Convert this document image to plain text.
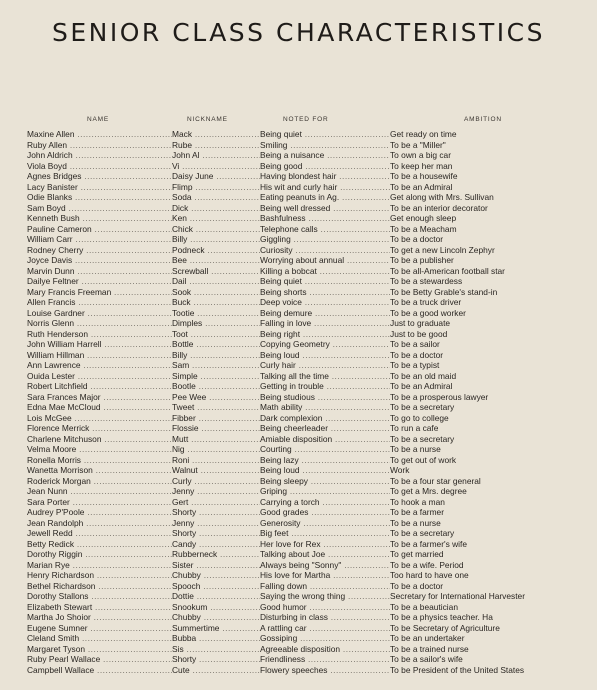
SENIOR CLASS CHARACTERISTICS
NAME	NICKNAME	NOTED FOR	AMBITION
Maxine Allen .....	Mack .....	Being quiet .....	Get ready on time
Ruby Allen .....	Rube .....	Smiling .....	To be a "Miller"
John Aldrich .....	John Al .....	Being a nuisance .....	To own a big car
Viola Boyd .....	Vi .....	Being good .....	To keep her man
Agnes Bridges .....	Daisy June .....	Having blondest hair .....	To be a housewife
Lacy Banister .....	Flimp .....	His wit and curly hair .....	To be an Admiral
Odie Blanks .....	Soda .....	Eating peanuts in Ag. .....	Get along with Mrs. Sullivan
Sam Boyd .....	Dick .....	Being well dressed .....	To be an interior decorator
Kenneth Bush .....	Ken .....	Bashfulness .....	Get enough sleep
Pauline Cameron .....	Chick .....	Telephone calls .....	To be a Meacham
William Carr .....	Billy .....	Giggling .....	To be a doctor
Rodney Cherry .....	Podneck .....	Curiosity .....	To get a new Lincoln Zephyr
Joyce Davis .....	Bee .....	Worrying about annual .....	To be a publisher
Marvin Dunn .....	Screwball .....	Killing a bobcat .....	To be all-American football star
Dailye Feltner .....	Dail .....	Being quiet .....	To be a stewardess
Mary Francis Freeman .....	Sook .....	Being shorts .....	To be Betty Grable's stand-in
Allen Francis .....	Buck .....	Deep voice .....	To be a truck driver
Louise Gardner .....	Tootie .....	Being demure .....	To be a good worker
Norris Glenn .....	Dimples .....	Falling in love .....	Just to graduate
Ruth Henderson .....	Toot .....	Being right .....	Just to be good
John William Harrell .....	Bottle .....	Copying Geometry .....	To be a sailor
William Hillman .....	Billy .....	Being loud .....	To be a doctor
Ann Lawrence .....	Sam .....	Curly hair .....	To be a typist
Ouida Lester .....	Simple .....	Talking all the time .....	To be an old maid
Robert Litchfield .....	Bootle .....	Getting in trouble .....	To be an Admiral
Sara Frances Major .....	Pee Wee .....	Being studious .....	To be a prosperous lawyer
Edna Mae McCloud .....	Tweet .....	Math ability .....	To be a secretary
Lois McGee .....	Fibber .....	Dark complexion .....	To go to college
Florence Merrick .....	Flossie .....	Being cheerleader .....	To run a cafe
Charlene Mitchuson .....	Mutt .....	Amiable disposition .....	To be a secretary
Velma Moore .....	Nig .....	Courting .....	To be a nurse
Ronella Morris .....	Roni .....	Being lazy .....	To get out of work
Wanetta Morrison .....	Walnut .....	Being loud .....	Work
Roderick Morgan .....	Curly .....	Being sleepy .....	To be a four star general
Jean Nunn .....	Jenny .....	Griping .....	To get a Mrs. degree
Sara Porter .....	Gert .....	Carrying a torch .....	To hook a man
Audrey P'Poole .....	Shorty .....	Good grades .....	To be a farmer
Jean Randolph .....	Jenny .....	Generosity .....	To be a nurse
Jewell Redd .....	Shorty .....	Big feet .....	To be a secretary
Betty Redick .....	Candy .....	Her love for Rex .....	To be a farmer's wife
Dorothy Riggin .....	Rubberneck .....	Talking about Joe .....	To get married
Marian Rye .....	Sister .....	Always being "Sonny" .....	To be a wife. Period
Henry Richardson .....	Chubby .....	His love for Martha .....	Too hard to have one
Bethel Richardson .....	Spooch .....	Falling down .....	To be a doctor
Dorothy Stallons .....	Dottie .....	Saying the wrong thing .....	Secretary for International Harvester
Elizabeth Stewart .....	Snookum .....	Good humor .....	To be a beautician
Martha Jo Shoior .....	Chubby .....	Disturbing in class .....	To be a physics teacher. Ha
Eugene Sumner .....	Summertime .....	A rattling car .....	To be Secretary of Agriculture
Cleland Smith .....	Bubba .....	Gossiping .....	To be an undertaker
Margaret Tyson .....	Sis .....	Agreeable disposition .....	To be a trained nurse
Ruby Pearl Wallace .....	Shorty .....	Friendliness .....	To be a sailor's wife
Campbell Wallace .....	Cute .....	Flowery speeches .....	To be President of the United States
